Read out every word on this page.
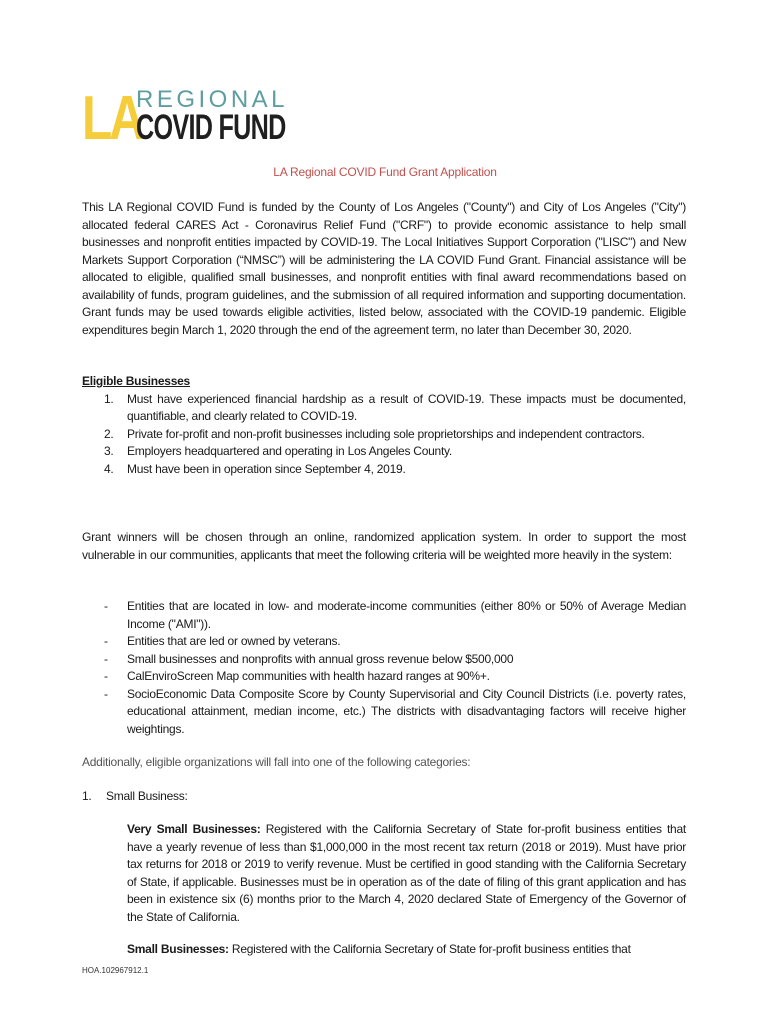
LA
REGIONAL
COVID FUND
LA Regional COVID Fund Grant Application

This LA Regional COVID Fund is funded by the County of Los Angeles ("County") and City of Los Angeles ("City") allocated federal CARES Act - Coronavirus Relief Fund ("CRF") to provide economic assistance to help small businesses and nonprofit entities impacted by COVID-19. The Local Initiatives Support Corporation ("LISC") and New Markets Support Corporation (“NMSC”) will be administering the LA COVID Fund Grant. Financial assistance will be allocated to eligible, qualified small businesses, and nonprofit entities with final award recommendations based on availability of funds, program guidelines, and the submission of all required information and supporting documentation. Grant funds may be used towards eligible activities, listed below, associated with the COVID-19 pandemic. Eligible expenditures begin March 1, 2020 through the end of the agreement term, no later than December 30, 2020.

Eligible Businesses
1. Must have experienced financial hardship as a result of COVID-19. These impacts must be documented, quantifiable, and clearly related to COVID-19.
2. Private for-profit and non-profit businesses including sole proprietorships and independent contractors.
3. Employers headquartered and operating in Los Angeles County.
4. Must have been in operation since September 4, 2019.

Grant winners will be chosen through an online, randomized application system. In order to support the most vulnerable in our communities, applicants that meet the following criteria will be weighted more heavily in the system:

- Entities that are located in low- and moderate-income communities (either 80% or 50% of Average Median Income ("AMI")).
- Entities that are led or owned by veterans.
- Small businesses and nonprofits with annual gross revenue below $500,000
- CalEnviroScreen Map communities with health hazard ranges at 90%+.
- SocioEconomic Data Composite Score by County Supervisorial and City Council Districts (i.e. poverty rates, educational attainment, median income, etc.) The districts with disadvantaging factors will receive higher weightings.
Additionally, eligible organizations will fall into one of the following categories:
1. Small Business:

Very Small Businesses: Registered with the California Secretary of State for-profit business entities that have a yearly revenue of less than $1,000,000 in the most recent tax return (2018 or 2019). Must have prior tax returns for 2018 or 2019 to verify revenue. Must be certified in good standing with the California Secretary of State, if applicable. Businesses must be in operation as of the date of filing of this grant application and has been in existence six (6) months prior to the March 4, 2020 declared State of Emergency of the Governor of the State of California.

Small Businesses: Registered with the California Secretary of State for-profit business entities that

HOA.102967912.1
